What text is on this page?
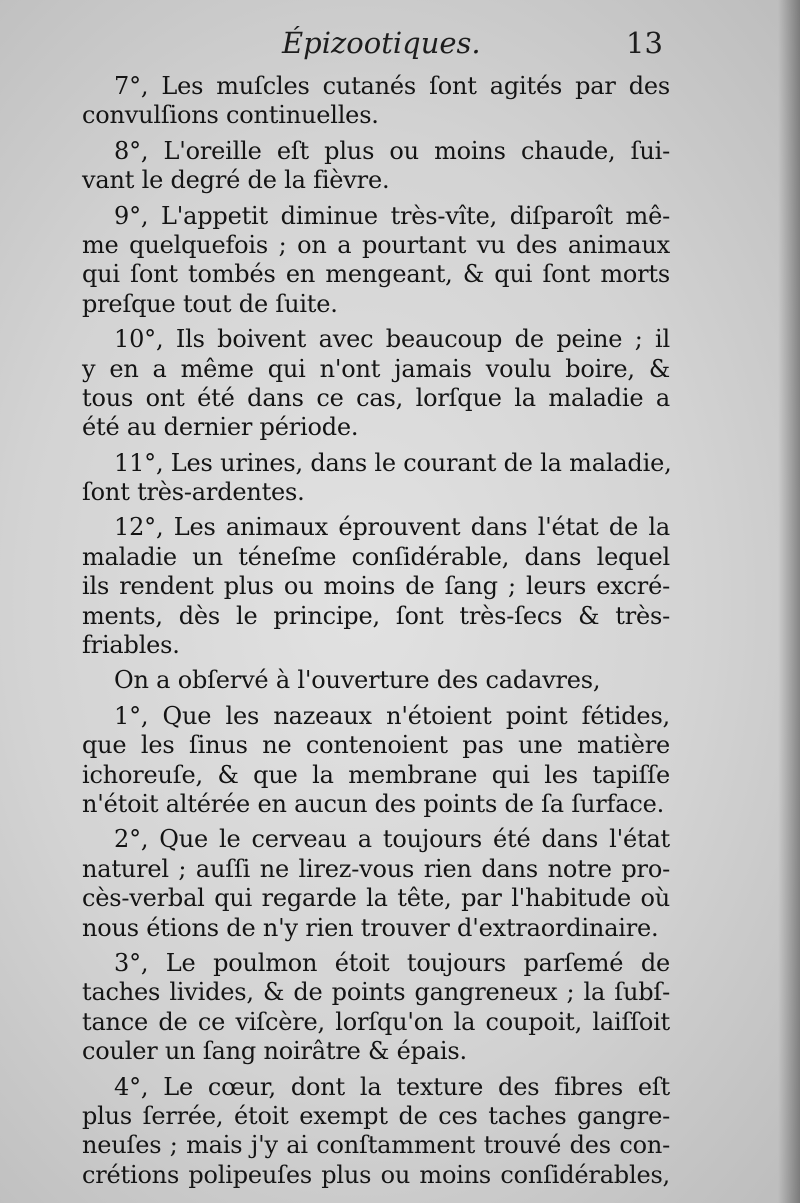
Épizootiques.	13
7°, Les muſcles cutanés ſont agités par des
convulſions continuelles.
8°, L'oreille eſt plus ou moins chaude, ſui-
vant le degré de la fièvre.
9°, L'appetit diminue très-vîte, diſparoît mê-
me quelquefois ; on a pourtant vu des animaux
qui ſont tombés en mengeant, & qui ſont morts
preſque tout de ſuite.
10°, Ils boivent avec beaucoup de peine ; il
y en a même qui n'ont jamais voulu boire, &
tous ont été dans ce cas, lorſque la maladie a
été au dernier période.
11°, Les urines, dans le courant de la maladie,
ſont très-ardentes.
12°, Les animaux éprouvent dans l'état de la
maladie un téneſme conſidérable, dans lequel
ils rendent plus ou moins de ſang ; leurs excré-
ments, dès le principe, ſont très-ſecs & très-
friables.
On a obſervé à l'ouverture des cadavres,
1°, Que les nazeaux n'étoient point fétides,
que les ſinus ne contenoient pas une matière
ichoreuſe, & que la membrane qui les tapiſſe
n'étoit altérée en aucun des points de ſa ſurface.
2°, Que le cerveau a toujours été dans l'état
naturel ; auſſi ne lirez-vous rien dans notre pro-
cès-verbal qui regarde la tête, par l'habitude où
nous étions de n'y rien trouver d'extraordinaire.
3°, Le poulmon étoit toujours parſemé de
taches livides, & de points gangreneux ; la ſubſ-
tance de ce viſcère, lorſqu'on la coupoit, laiſſoit
couler un ſang noirâtre & épais.
4°, Le cœur, dont la texture des fibres eſt
plus ſerrée, étoit exempt de ces taches gangre-
neuſes ; mais j'y ai conſtamment trouvé des con-
crétions polipeuſes plus ou moins conſidérables,
